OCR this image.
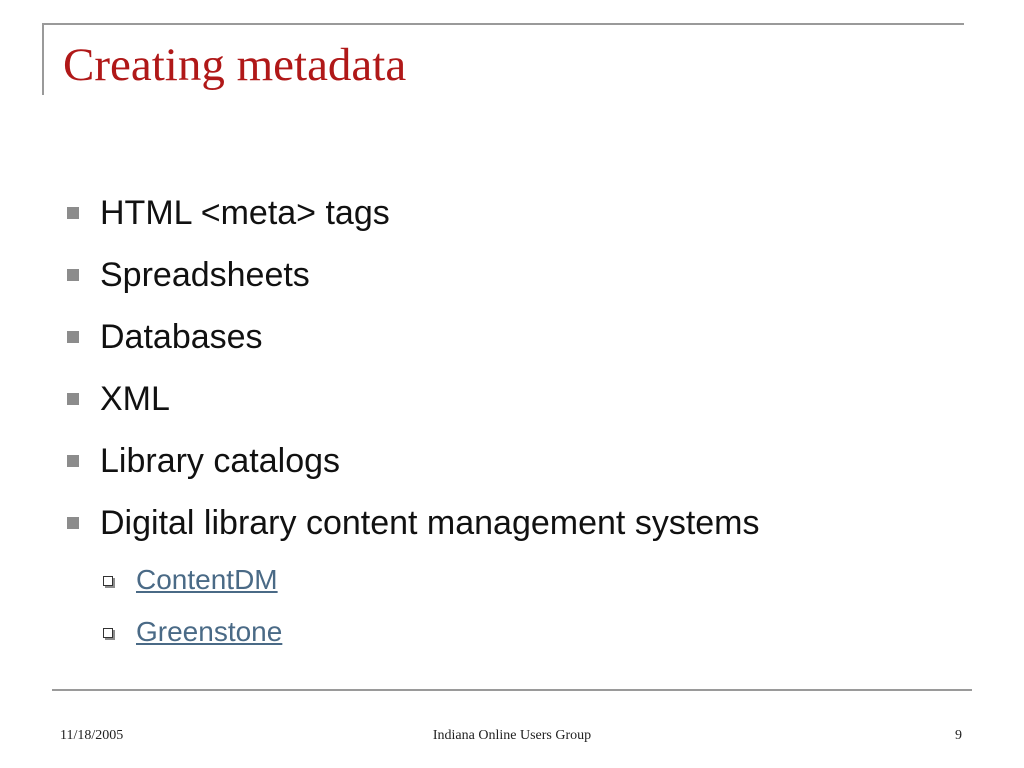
Creating metadata
HTML <meta> tags
Spreadsheets
Databases
XML
Library catalogs
Digital library content management systems
ContentDM
Greenstone
11/18/2005	Indiana Online Users Group	9
